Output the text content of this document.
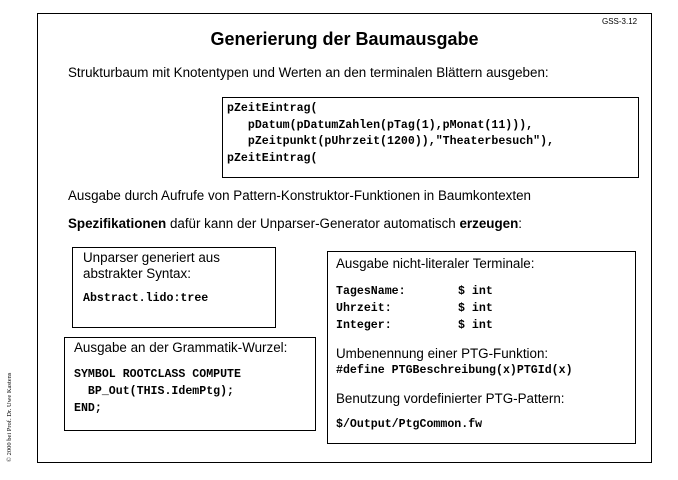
GSS-3.12
© 2000 bei Prof. Dr. Uwe Kastens
Generierung der Baumausgabe
Strukturbaum mit Knotentypen und Werten an den terminalen Blättern ausgeben:
pZeitEintrag(
pDatum(pDatumZahlen(pTag(1),pMonat(11))),
pZeitpunkt(pUhrzeit(1200)),"Theaterbesuch"),
pZeitEintrag(
Ausgabe durch Aufrufe von Pattern-Konstruktor-Funktionen in Baumkontexten
Spezifikationen dafür kann der Unparser-Generator automatisch erzeugen:
Unparser generiert aus
abstrakter Syntax:
Abstract.lido:tree
Ausgabe an der Grammatik-Wurzel:
SYMBOL ROOTCLASS COMPUTE
BP_Out(THIS.IdemPtg);
END;
Ausgabe nicht-literaler Terminale:
TagesName:	$ int
Uhrzeit:	$ int
Integer:	$ int
Umbenennung einer PTG-Funktion:
#define PTGBeschreibung(x)PTGId(x)
Benutzung vordefinierter PTG-Pattern:
$/Output/PtgCommon.fw
